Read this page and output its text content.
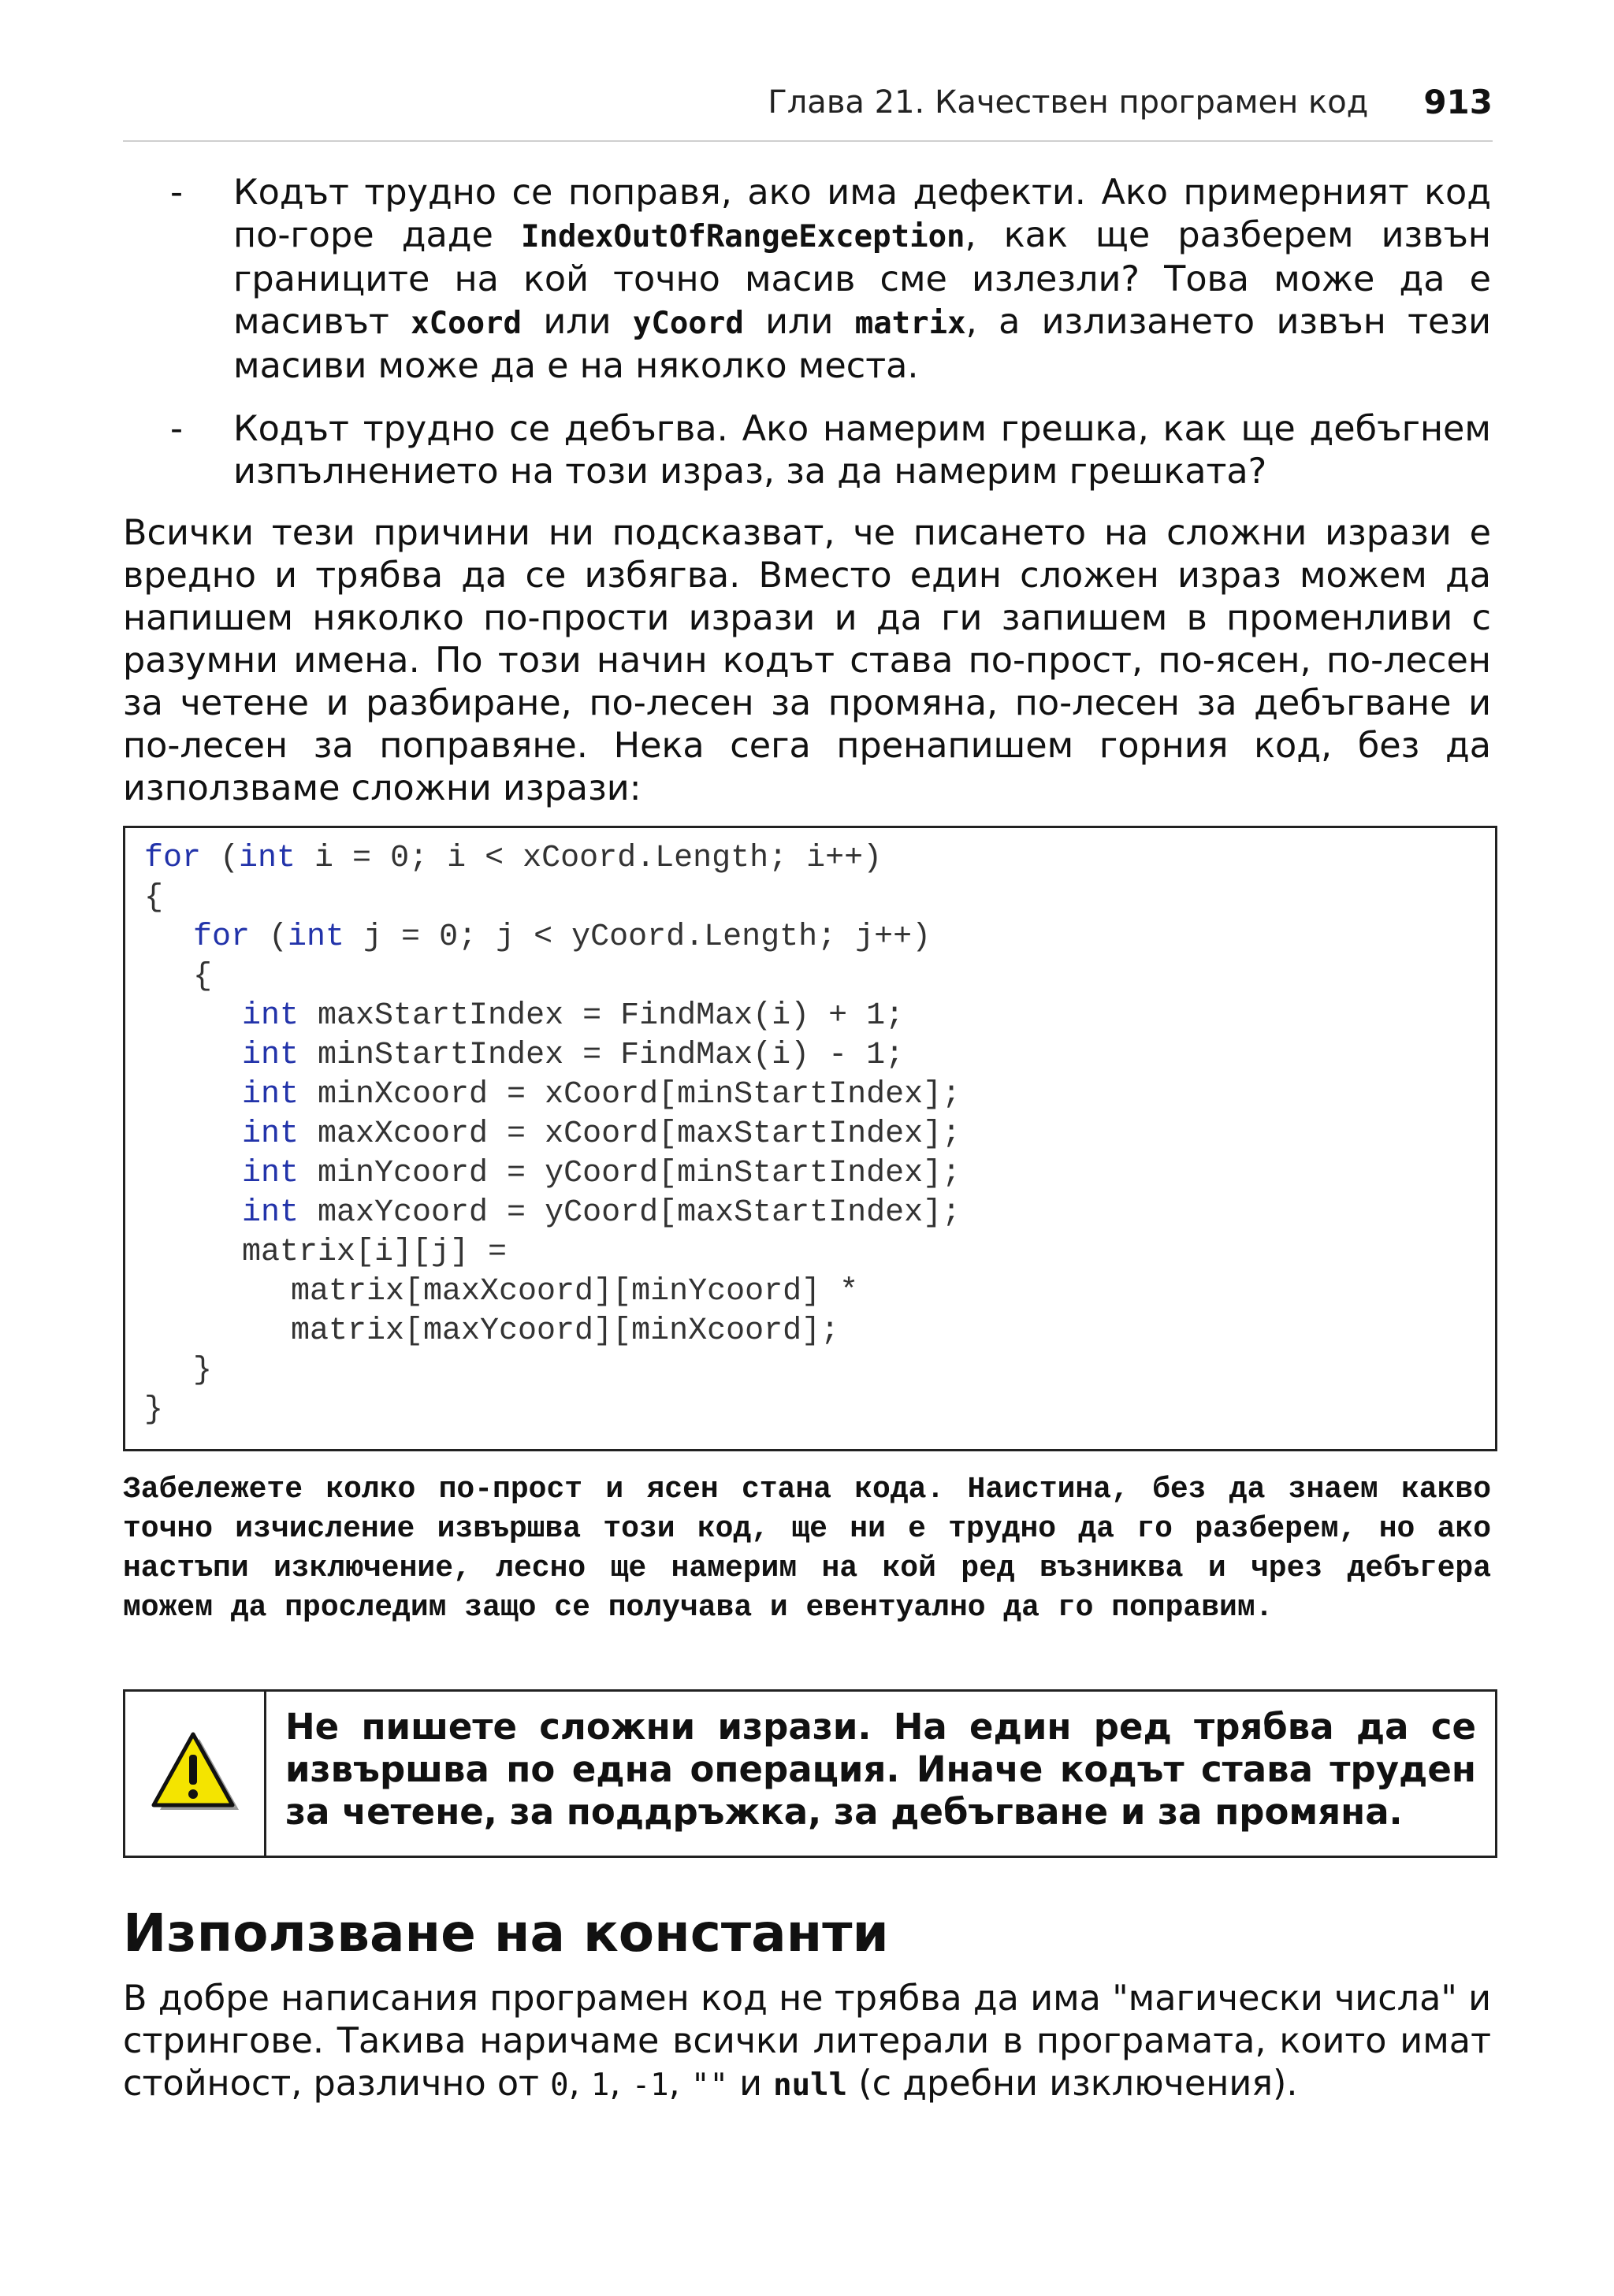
Глава 21. Качествен програмен код 913
- Кодът трудно се поправя, ако има дефекти. Ако примерният код по-горе даде IndexOutOfRangeException, как ще разберем извън границите на кой точно масив сме излезли? Това може да е масивът xCoord или yCoord или matrix, а излизането извън тези масиви може да е на няколко места.
- Кодът трудно се дебъгва. Ако намерим грешка, как ще дебъгнем изпълнението на този израз, за да намерим грешката?
Всички тези причини ни подсказват, че писането на сложни изрази е вредно и трябва да се избягва. Вместо един сложен израз можем да напишем няколко по-прости изрази и да ги запишем в променливи с разумни имена. По този начин кодът става по-прост, по-ясен, по-лесен за четене и разбиране, по-лесен за промяна, по-лесен за дебъгване и по-лесен за поправяне. Нека сега пренапишем горния код, без да използваме сложни изрази:
for (int i = 0; i < xCoord.Length; i++)
{
for (int j = 0; j < yCoord.Length; j++)
{
int maxStartIndex = FindMax(i) + 1;
int minStartIndex = FindMax(i) - 1;
int minXcoord = xCoord[minStartIndex];
int maxXcoord = xCoord[maxStartIndex];
int minYcoord = yCoord[minStartIndex];
int maxYcoord = yCoord[maxStartIndex];
matrix[i][j] =
matrix[maxXcoord][minYcoord] *
matrix[maxYcoord][minXcoord];
}
}
Забележете колко по-прост и ясен стана кода. Наистина, без да знаем какво точно изчисление извършва този код, ще ни е трудно да го разберем, но ако настъпи изключение, лесно ще намерим на кой ред възниква и чрез дебъгера можем да проследим защо се получава и евентуално да го поправим.
Не пишете сложни изрази. На един ред трябва да се извършва по една операция. Иначе кодът става труден за четене, за поддръжка, за дебъгване и за промяна.
Използване на константи
В добре написания програмен код не трябва да има "магически числа" и стрингове. Такива наричаме всички литерали в програмата, които имат стойност, различно от 0, 1, -1, "" и null (с дребни изключения).
